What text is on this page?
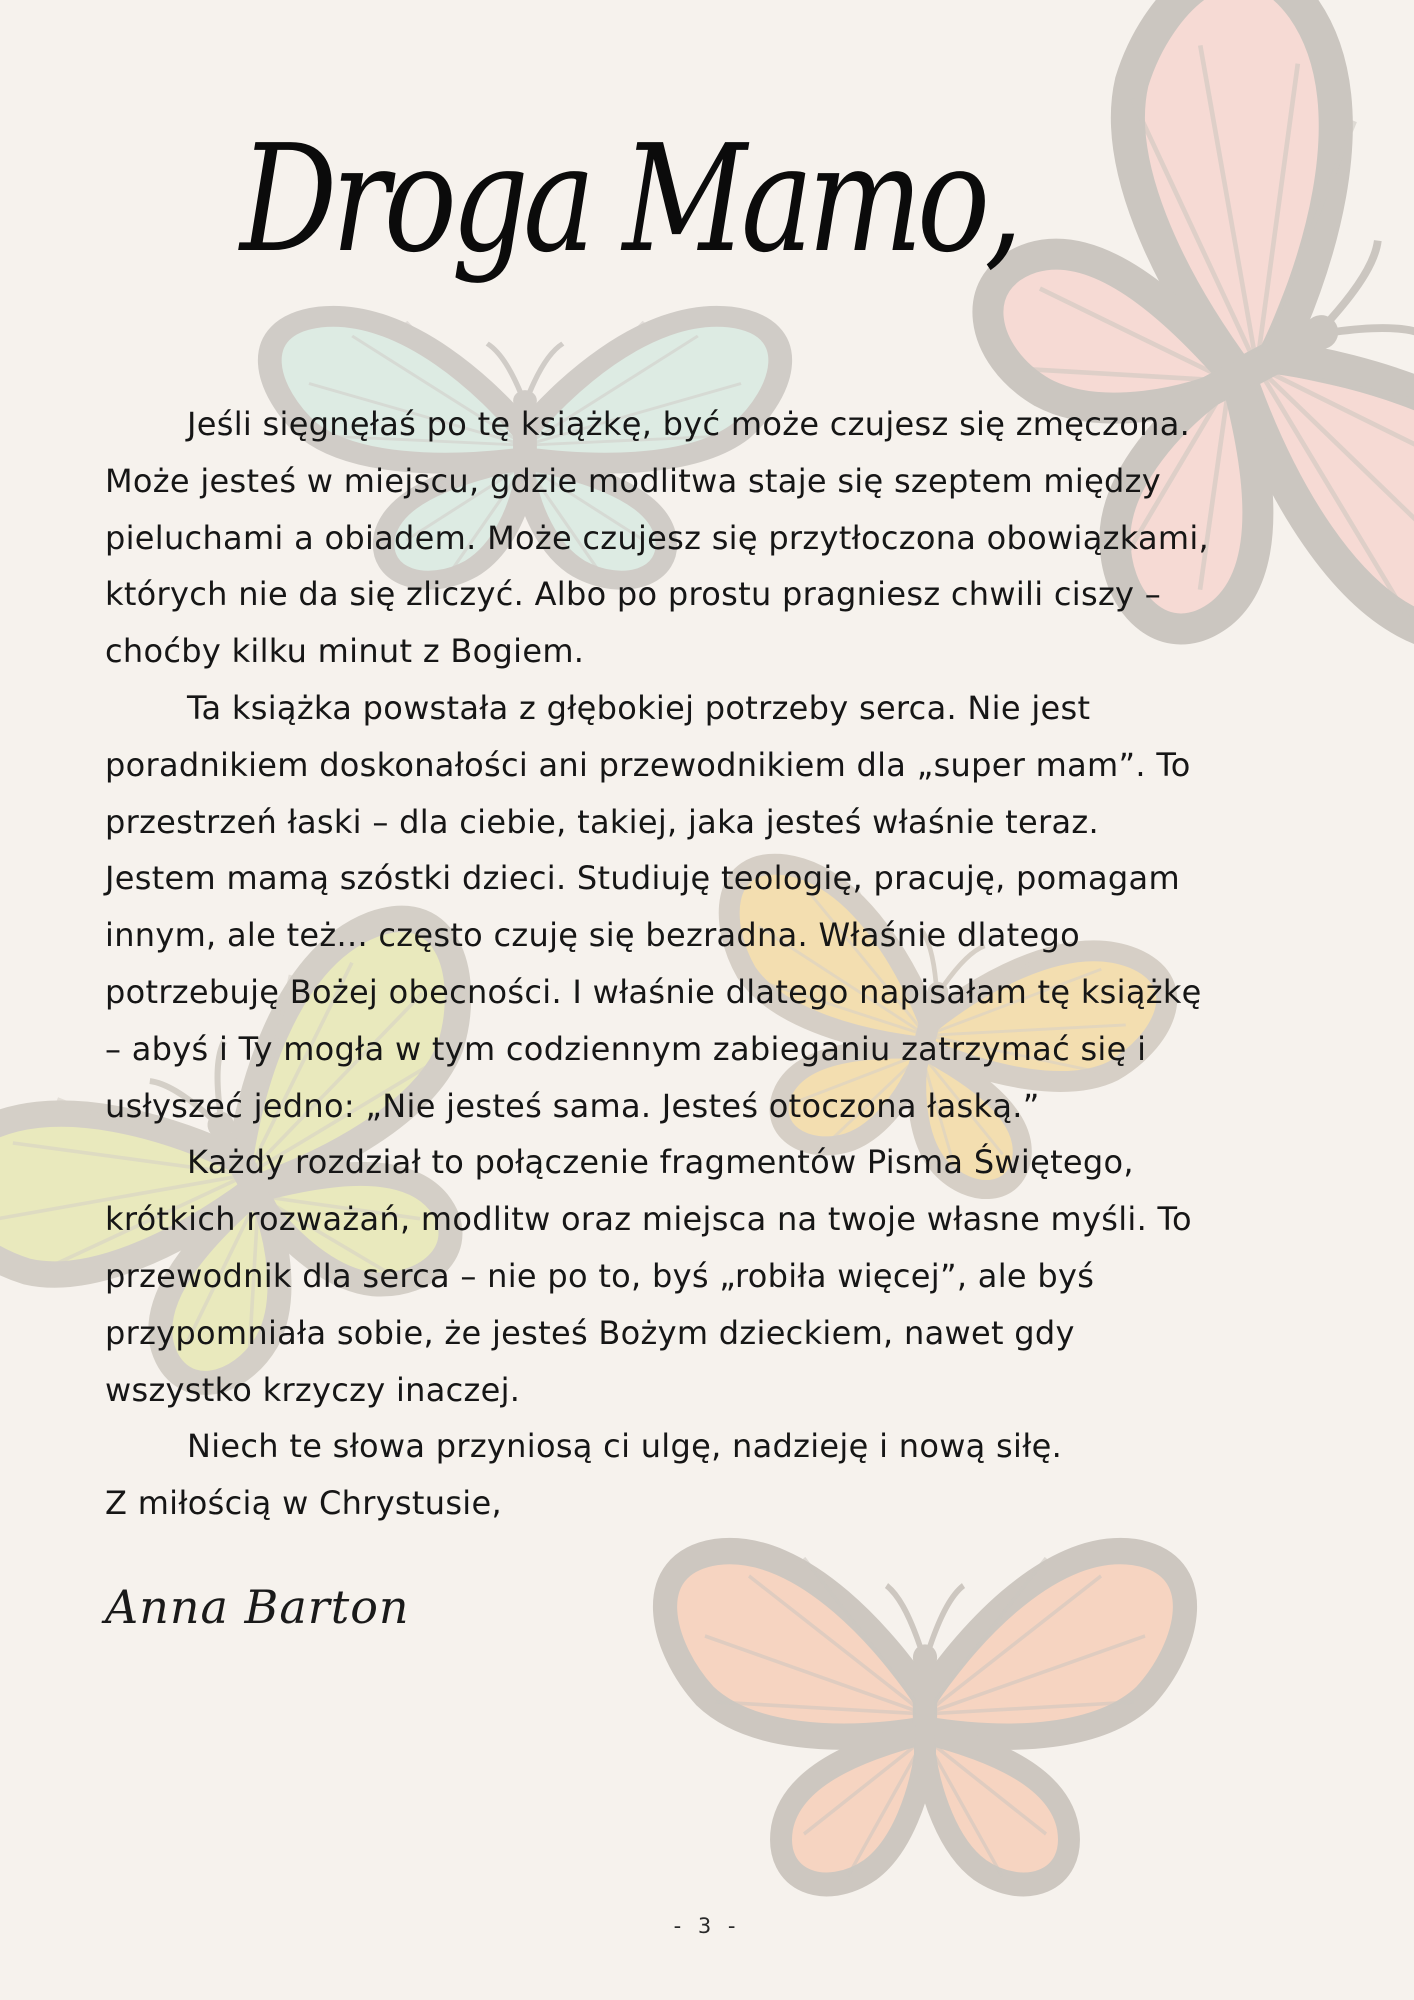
Droga Mamo,
Jeśli sięgnęłaś po tę książkę, być może czujesz się zmęczona.
Może jesteś w miejscu, gdzie modlitwa staje się szeptem między
pieluchami a obiadem. Może czujesz się przytłoczona obowiązkami,
których nie da się zliczyć. Albo po prostu pragniesz chwili ciszy –
choćby kilku minut z Bogiem.
Ta książka powstała z głębokiej potrzeby serca. Nie jest
poradnikiem doskonałości ani przewodnikiem dla „super mam”. To
przestrzeń łaski – dla ciebie, takiej, jaka jesteś właśnie teraz.
Jestem mamą szóstki dzieci. Studiuję teologię, pracuję, pomagam
innym, ale też... często czuję się bezradna. Właśnie dlatego
potrzebuję Bożej obecności. I właśnie dlatego napisałam tę książkę
– abyś i Ty mogła w tym codziennym zabieganiu zatrzymać się i
usłyszeć jedno: „Nie jesteś sama. Jesteś otoczona łaską.”
Każdy rozdział to połączenie fragmentów Pisma Świętego,
krótkich rozważań, modlitw oraz miejsca na twoje własne myśli. To
przewodnik dla serca – nie po to, byś „robiła więcej”, ale byś
przypomniała sobie, że jesteś Bożym dzieckiem, nawet gdy
wszystko krzyczy inaczej.
Niech te słowa przyniosą ci ulgę, nadzieję i nową siłę.
Z miłością w Chrystusie,
Anna Barton
- 3 -
